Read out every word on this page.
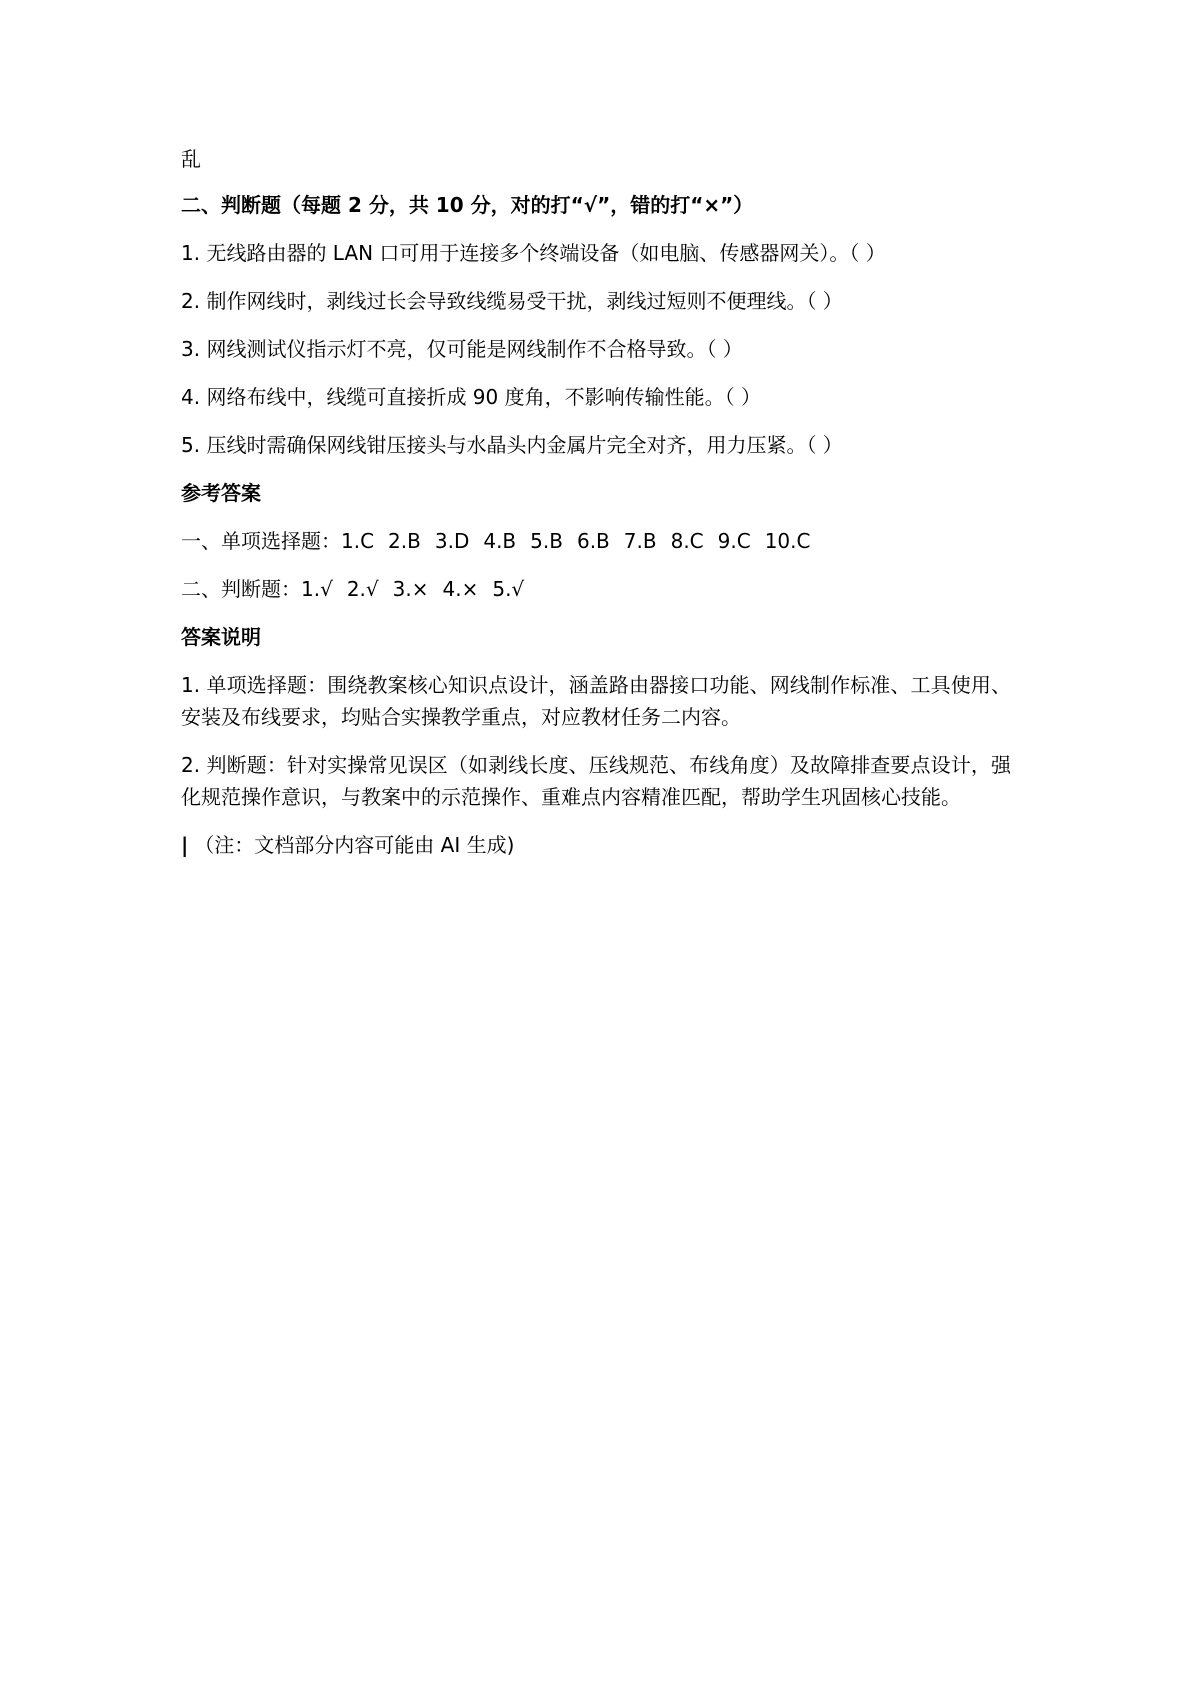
乱
二、判断题（每题 2 分，共 10 分，对的打“√”，错的打“×”）
1. 无线路由器的 LAN 口可用于连接多个终端设备（如电脑、传感器网关）。（ ）
2. 制作网线时，剥线过长会导致线缆易受干扰，剥线过短则不便理线。（ ）
3. 网线测试仪指示灯不亮，仅可能是网线制作不合格导致。（ ）
4. 网络布线中，线缆可直接折成 90 度角，不影响传输性能。（ ）
5. 压线时需确保网线钳压接头与水晶头内金属片完全对齐，用力压紧。（ ）
参考答案
一、单项选择题：1.C 2.B 3.D 4.B 5.B 6.B 7.B 8.C 9.C 10.C
二、判断题：1.√ 2.√ 3.× 4.× 5.√
答案说明
1. 单项选择题：围绕教案核心知识点设计，涵盖路由器接口功能、网线制作标准、工具使用、安装及布线要求，均贴合实操教学重点，对应教材任务二内容。
2. 判断题：针对实操常见误区（如剥线长度、压线规范、布线角度）及故障排查要点设计，强化规范操作意识，与教案中的示范操作、重难点内容精准匹配，帮助学生巩固核心技能。
| （注：文档部分内容可能由 AI 生成)
